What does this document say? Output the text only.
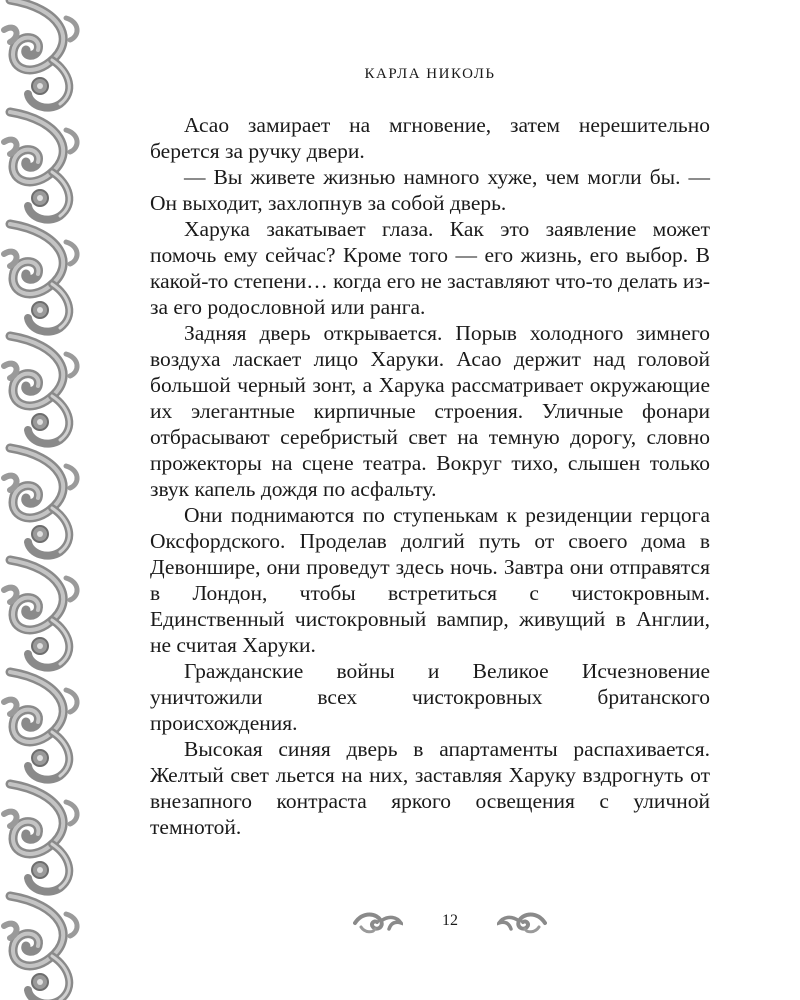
КАРЛА НИКОЛЬ

Асао замирает на мгновение, затем нерешительно берется за ручку двери.

— Вы живете жизнью намного хуже, чем могли бы. — Он выходит, захлопнув за собой дверь.

Харука закатывает глаза. Как это заявление может помочь ему сейчас? Кроме того — его жизнь, его выбор. В какой-то степени… когда его не заставляют что-то делать из-за его родословной или ранга.

Задняя дверь открывается. Порыв холодного зимнего воздуха ласкает лицо Харуки. Асао держит над головой большой черный зонт, а Харука рассматривает окружающие их элегантные кирпичные строения. Уличные фонари отбрасывают серебристый свет на темную дорогу, словно прожекторы на сцене театра. Вокруг тихо, слышен только звук капель дождя по асфальту.

Они поднимаются по ступенькам к резиденции герцога Оксфордского. Проделав долгий путь от своего дома в Девоншире, они проведут здесь ночь. Завтра они отправятся в Лондон, чтобы встретиться с чистокровным. Единственный чистокровный вампир, живущий в Англии, не считая Харуки.

Гражданские войны и Великое Исчезновение уничтожили всех чистокровных британского происхождения.

Высокая синяя дверь в апартаменты распахивается. Желтый свет льется на них, заставляя Харуку вздрогнуть от внезапного контраста яркого освещения с уличной темнотой.

12
